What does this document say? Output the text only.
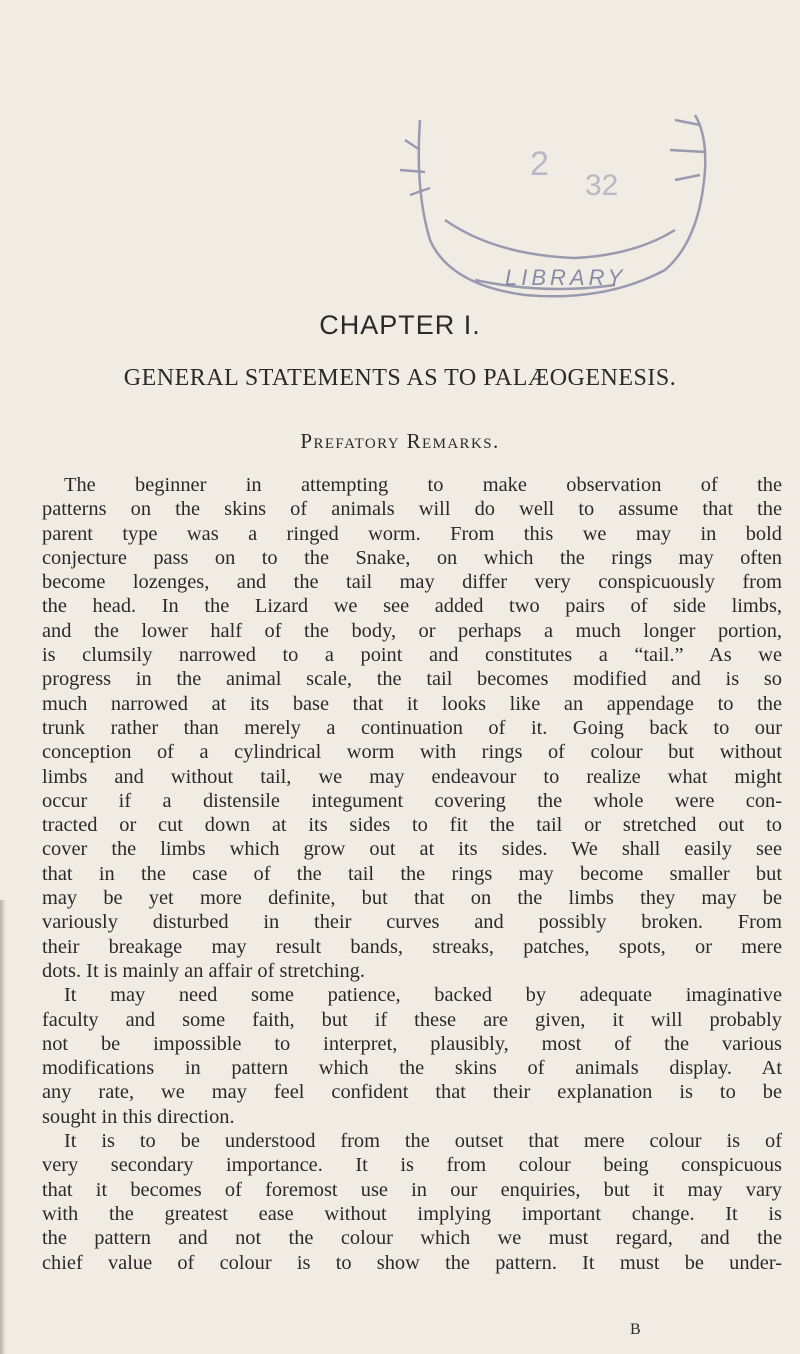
2
32
LIBRARY
CHAPTER I.
GENERAL STATEMENTS AS TO PALÆOGENESIS.
Prefatory Remarks.
The beginner in attempting to make observation of the
patterns on the skins of animals will do well to assume that the
parent type was a ringed worm. From this we may in bold
conjecture pass on to the Snake, on which the rings may often
become lozenges, and the tail may differ very conspicuously from
the head. In the Lizard we see added two pairs of side limbs,
and the lower half of the body, or perhaps a much longer portion,
is clumsily narrowed to a point and constitutes a “tail.” As we
progress in the animal scale, the tail becomes modified and is so
much narrowed at its base that it looks like an appendage to the
trunk rather than merely a continuation of it. Going back to our
conception of a cylindrical worm with rings of colour but without
limbs and without tail, we may endeavour to realize what might
occur if a distensile integument covering the whole were con-
tracted or cut down at its sides to fit the tail or stretched out to
cover the limbs which grow out at its sides. We shall easily see
that in the case of the tail the rings may become smaller but
may be yet more definite, but that on the limbs they may be
variously disturbed in their curves and possibly broken. From
their breakage may result bands, streaks, patches, spots, or mere
dots. It is mainly an affair of stretching.
It may need some patience, backed by adequate imaginative
faculty and some faith, but if these are given, it will probably
not be impossible to interpret, plausibly, most of the various
modifications in pattern which the skins of animals display. At
any rate, we may feel confident that their explanation is to be
sought in this direction.
It is to be understood from the outset that mere colour is of
very secondary importance. It is from colour being conspicuous
that it becomes of foremost use in our enquiries, but it may vary
with the greatest ease without implying important change. It is
the pattern and not the colour which we must regard, and the
chief value of colour is to show the pattern. It must be under-
B
